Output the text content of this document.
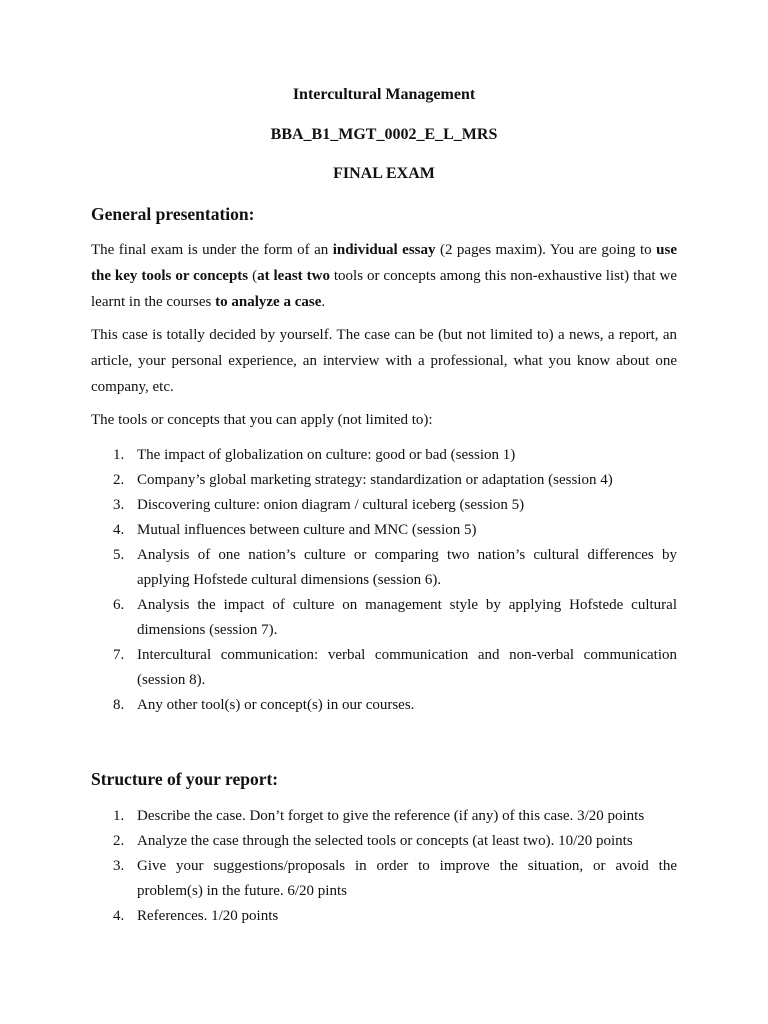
Intercultural Management
BBA_B1_MGT_0002_E_L_MRS
FINAL EXAM
General presentation:

The final exam is under the form of an individual essay (2 pages maxim). You are going to use the key tools or concepts (at least two tools or concepts among this non-exhaustive list) that we learnt in the courses to analyze a case.

This case is totally decided by yourself. The case can be (but not limited to) a news, a report, an article, your personal experience, an interview with a professional, what you know about one company, etc.

The tools or concepts that you can apply (not limited to):

1. The impact of globalization on culture: good or bad (session 1)
2. Company’s global marketing strategy: standardization or adaptation (session 4)
3. Discovering culture: onion diagram / cultural iceberg (session 5)
4. Mutual influences between culture and MNC (session 5)
5. Analysis of one nation’s culture or comparing two nation’s cultural differences by applying Hofstede cultural dimensions (session 6).
6. Analysis the impact of culture on management style by applying Hofstede cultural dimensions (session 7).
7. Intercultural communication: verbal communication and non-verbal communication (session 8).
8. Any other tool(s) or concept(s) in our courses.
Structure of your report:
1. Describe the case. Don’t forget to give the reference (if any) of this case. 3/20 points
2. Analyze the case through the selected tools or concepts (at least two). 10/20 points
3. Give your suggestions/proposals in order to improve the situation, or avoid the problem(s) in the future. 6/20 pints
4. References. 1/20 points
